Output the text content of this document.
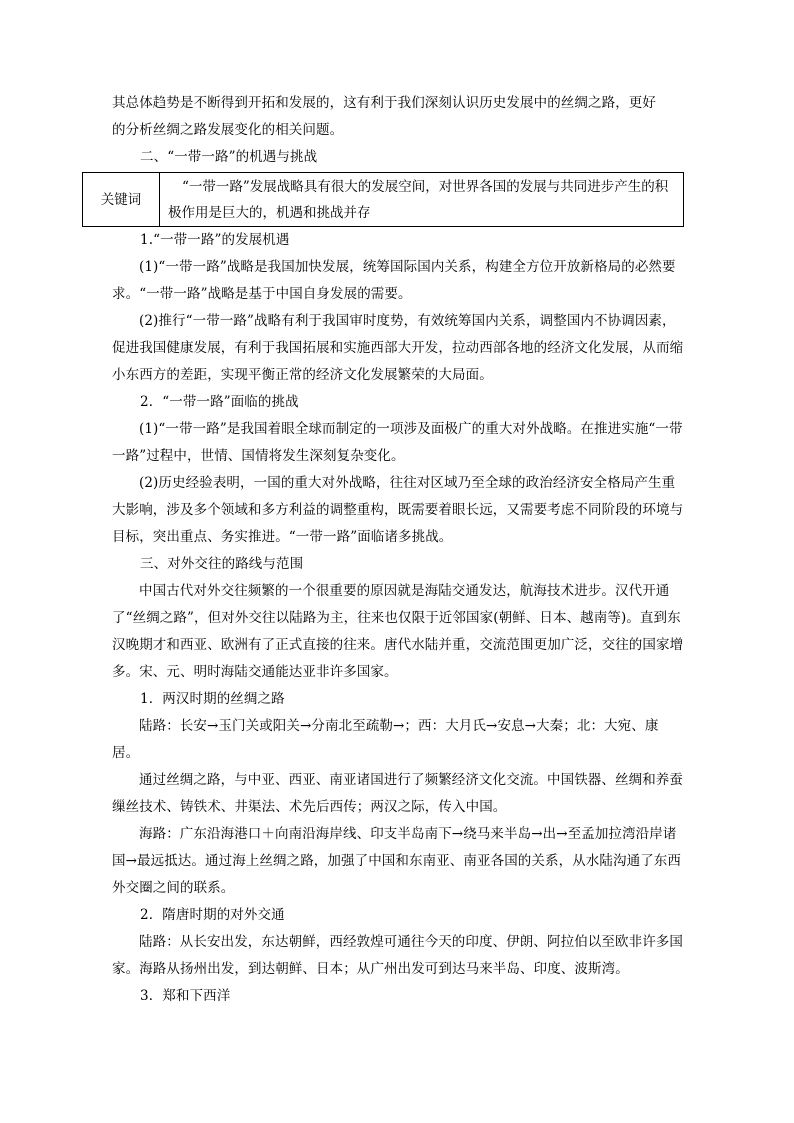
其总体趋势是不断得到开拓和发展的，这有利于我们深刻认识历史发展中的丝绸之路，更好

的分析丝绸之路发展变化的相关问题。

二、“一带一路”的机遇与挑战

关键词	“一带一路”发展战略具有很大的发展空间，对世界各国的发展与共同进步产生的积极作用是巨大的，机遇和挑战并存

1.“一带一路”的发展机遇

(1)“一带一路”战略是我国加快发展，统筹国际国内关系，构建全方位开放新格局的必然要求。“一带一路”战略是基于中国自身发展的需要。

(2)推行“一带一路”战略有利于我国审时度势，有效统筹国内关系，调整国内不协调因素，促进我国健康发展，有利于我国拓展和实施西部大开发，拉动西部各地的经济文化发展，从而缩小东西方的差距，实现平衡正常的经济文化发展繁荣的大局面。

2．“一带一路”面临的挑战

(1)“一带一路”是我国着眼全球而制定的一项涉及面极广的重大对外战略。在推进实施“一带一路”过程中，世情、国情将发生深刻复杂变化。

(2)历史经验表明，一国的重大对外战略，往往对区域乃至全球的政治经济安全格局产生重大影响，涉及多个领域和多方利益的调整重构，既需要着眼长远，又需要考虑不同阶段的环境与目标，突出重点、务实推进。“一带一路”面临诸多挑战。

三、对外交往的路线与范围

中国古代对外交往频繁的一个很重要的原因就是海陆交通发达，航海技术进步。汉代开通了“丝绸之路”，但对外交往以陆路为主，往来也仅限于近邻国家(朝鲜、日本、越南等)。直到东汉晚期才和西亚、欧洲有了正式直接的往来。唐代水陆并重，交流范围更加广泛，交往的国家增多。宋、元、明时海陆交通能达亚非许多国家。

1．两汉时期的丝绸之路

陆路：长安→玉门关或阳关→分南北至疏勒→；西：大月氏→安息→大秦；北：大宛、康居。

通过丝绸之路，与中亚、西亚、南亚诸国进行了频繁经济文化交流。中国铁器、丝绸和养蚕缫丝技术、铸铁术、井渠法、术先后西传；两汉之际，传入中国。

海路：广东沿海港口＋向南沿海岸线、印支半岛南下→绕马来半岛→出→至孟加拉湾沿岸诸国→最远抵达。通过海上丝绸之路，加强了中国和东南亚、南亚各国的关系，从水陆沟通了东西外交圈之间的联系。

2．隋唐时期的对外交通

陆路：从长安出发，东达朝鲜，西经敦煌可通往今天的印度、伊朗、阿拉伯以至欧非许多国家。海路从扬州出发，到达朝鲜、日本；从广州出发可到达马来半岛、印度、波斯湾。

3．郑和下西洋
